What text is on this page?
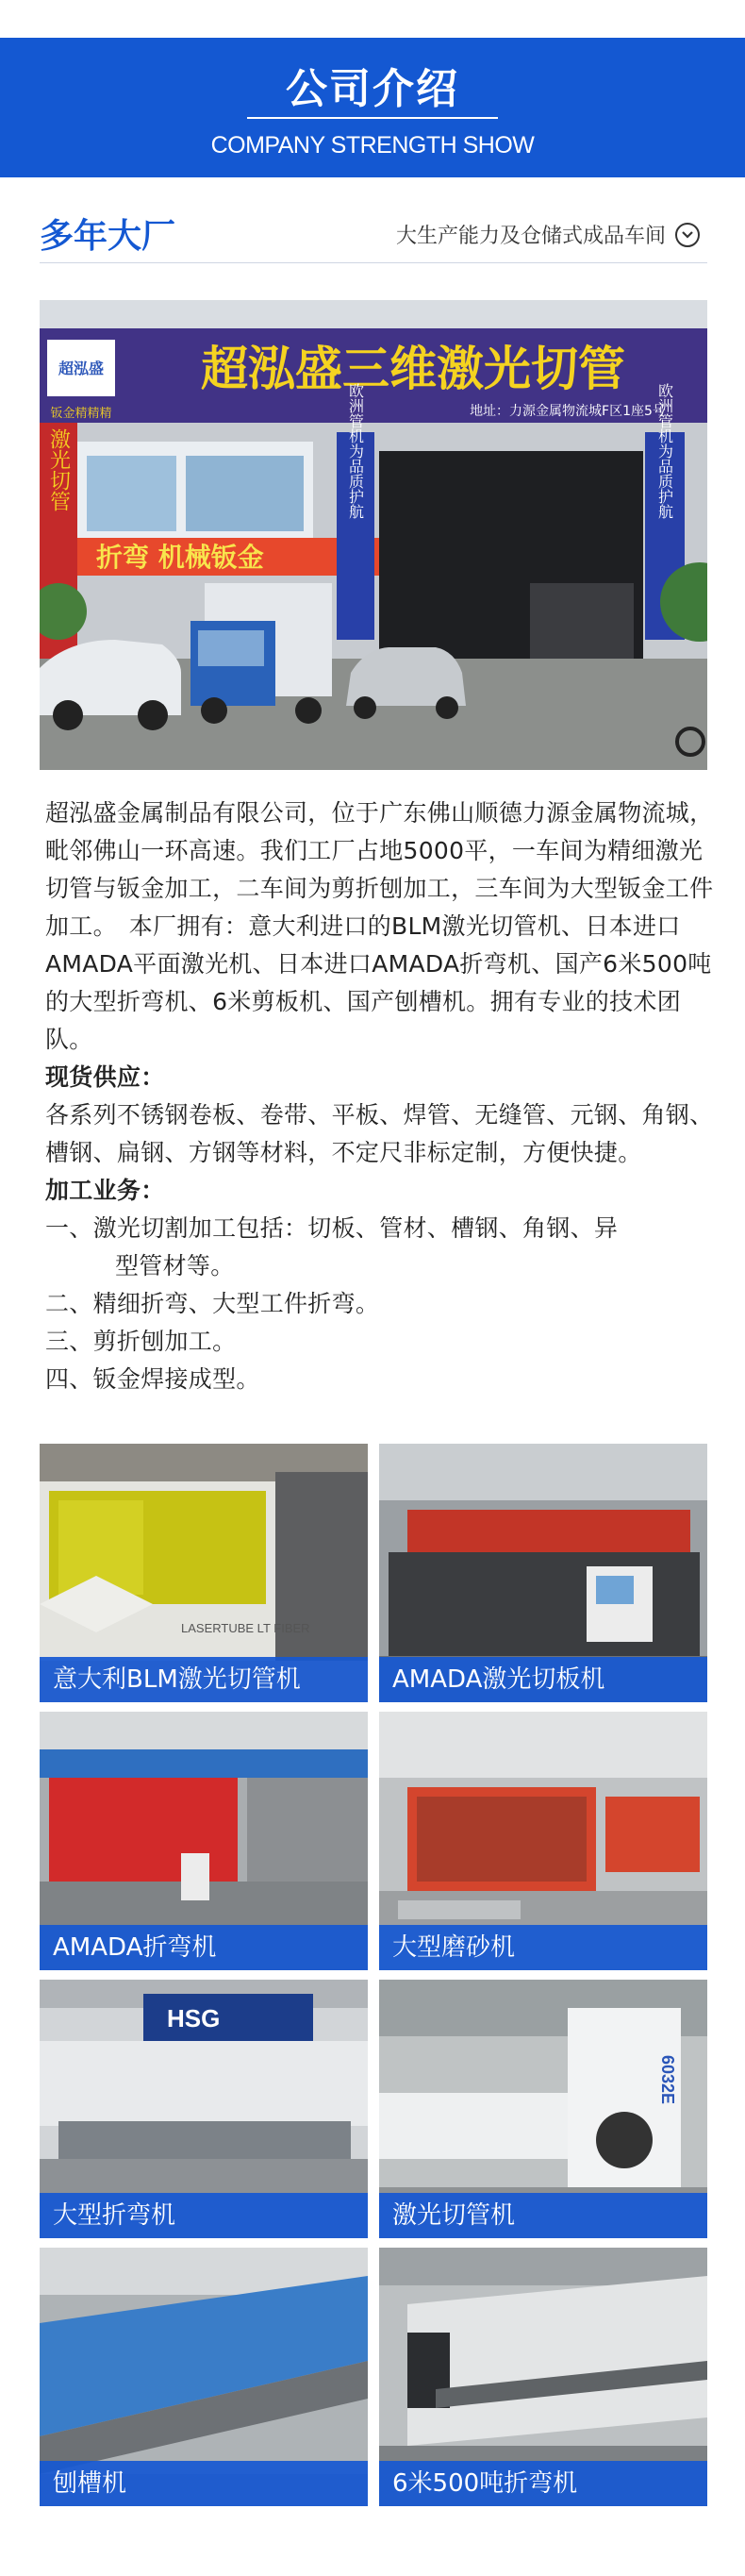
公司介绍
COMPANY STRENGTH SHOW
多年大厂	大生产能力及仓储式成品车间
超泓盛 超泓盛三维激光切管
地址：力源金属物流城F区1座5号
钣金精精精
激光切管
折弯 机械钣金
欧洲管机为品质护航	欧洲管机为品质护航

超泓盛金属制品有限公司，位于广东佛山顺德力源金属物流城，毗邻佛山一环高速。我们工厂占地5000平，一车间为精细激光切管与钣金加工，二车间为剪折刨加工，三车间为大型钣金工件加工。　本厂拥有：意大利进口的BLM激光切管机、日本进口AMADA平面激光机、日本进口AMADA折弯机、国产6米500吨的大型折弯机、6米剪板机、国产刨槽机。拥有专业的技术团队。

现货供应：

各系列不锈钢卷板、卷带、平板、焊管、无缝管、元钢、角钢、槽钢、扁钢、方钢等材料，不定尺非标定制，方便快捷。

加工业务：

一、激光切割加工包括：切板、管材、槽钢、角钢、异

型管材等。

二、精细折弯、大型工件折弯。

三、剪折刨加工。

四、钣金焊接成型。

LASERTUBE LT FIBER
意大利BLM激光切管机	AMADA激光切板机
AMADA折弯机	大型磨砂机
HSG
大型折弯机
6032E
激光切管机
刨槽机	6米500吨折弯机
